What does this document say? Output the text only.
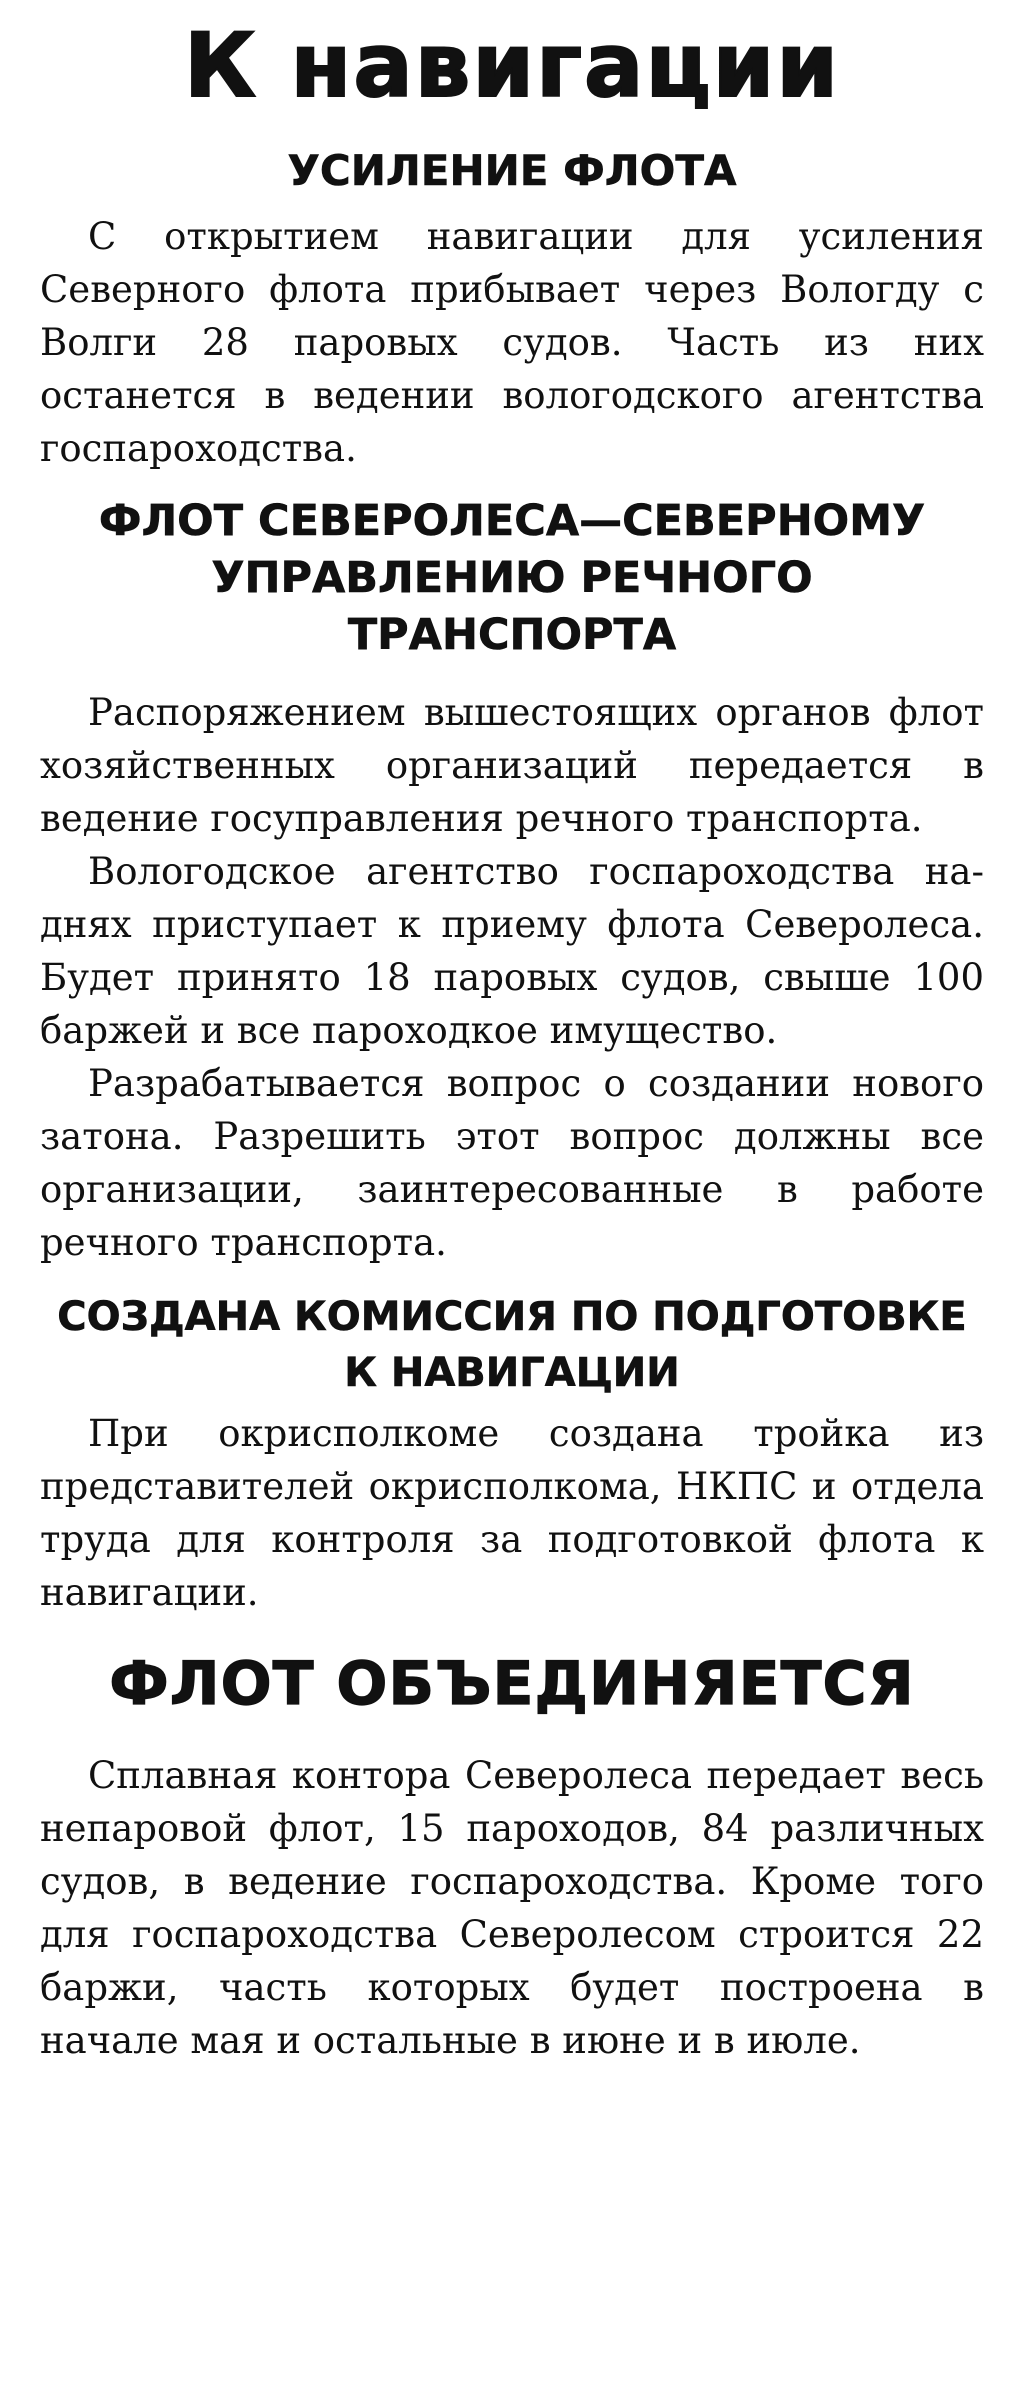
К навигации
УСИЛЕНИЕ ФЛОТА

С открытием навигации для усиления Северного флота прибывает через Вологду с Волги 28 паровых судов. Часть из них останется в ведении вологодского агентства госпароходства.

ФЛОТ СЕВЕРОЛЕСА—СЕВЕРНОМУ УПРАВЛЕНИЮ РЕЧНОГО ТРАНСПОРТА

Распоряжением вышестоящих органов флот хозяйственных организаций передается в ведение госуправления речного транспорта.

Вологодское агентство госпароходства на-днях приступает к приему флота Северолеса. Будет принято 18 паровых судов, свыше 100 баржей и все пароходкое имущество.

Разрабатывается вопрос о создании нового затона. Разрешить этот вопрос должны все организации, заинтересованные в работе речного транспорта.

СОЗДАНА КОМИССИЯ ПО ПОДГОТОВКЕ К НАВИГАЦИИ

При окрисполкоме создана тройка из представителей окрисполкома, НКПС и отдела труда для контроля за подготовкой флота к навигации.

ФЛОТ ОБЪЕДИНЯЕТСЯ

Сплавная контора Северолеса передает весь непаровой флот, 15 пароходов, 84 различных судов, в ведение госпароходства. Кроме того для госпароходства Северолесом строится 22 баржи, часть которых будет построена в начале мая и остальные в июне и в июле.
